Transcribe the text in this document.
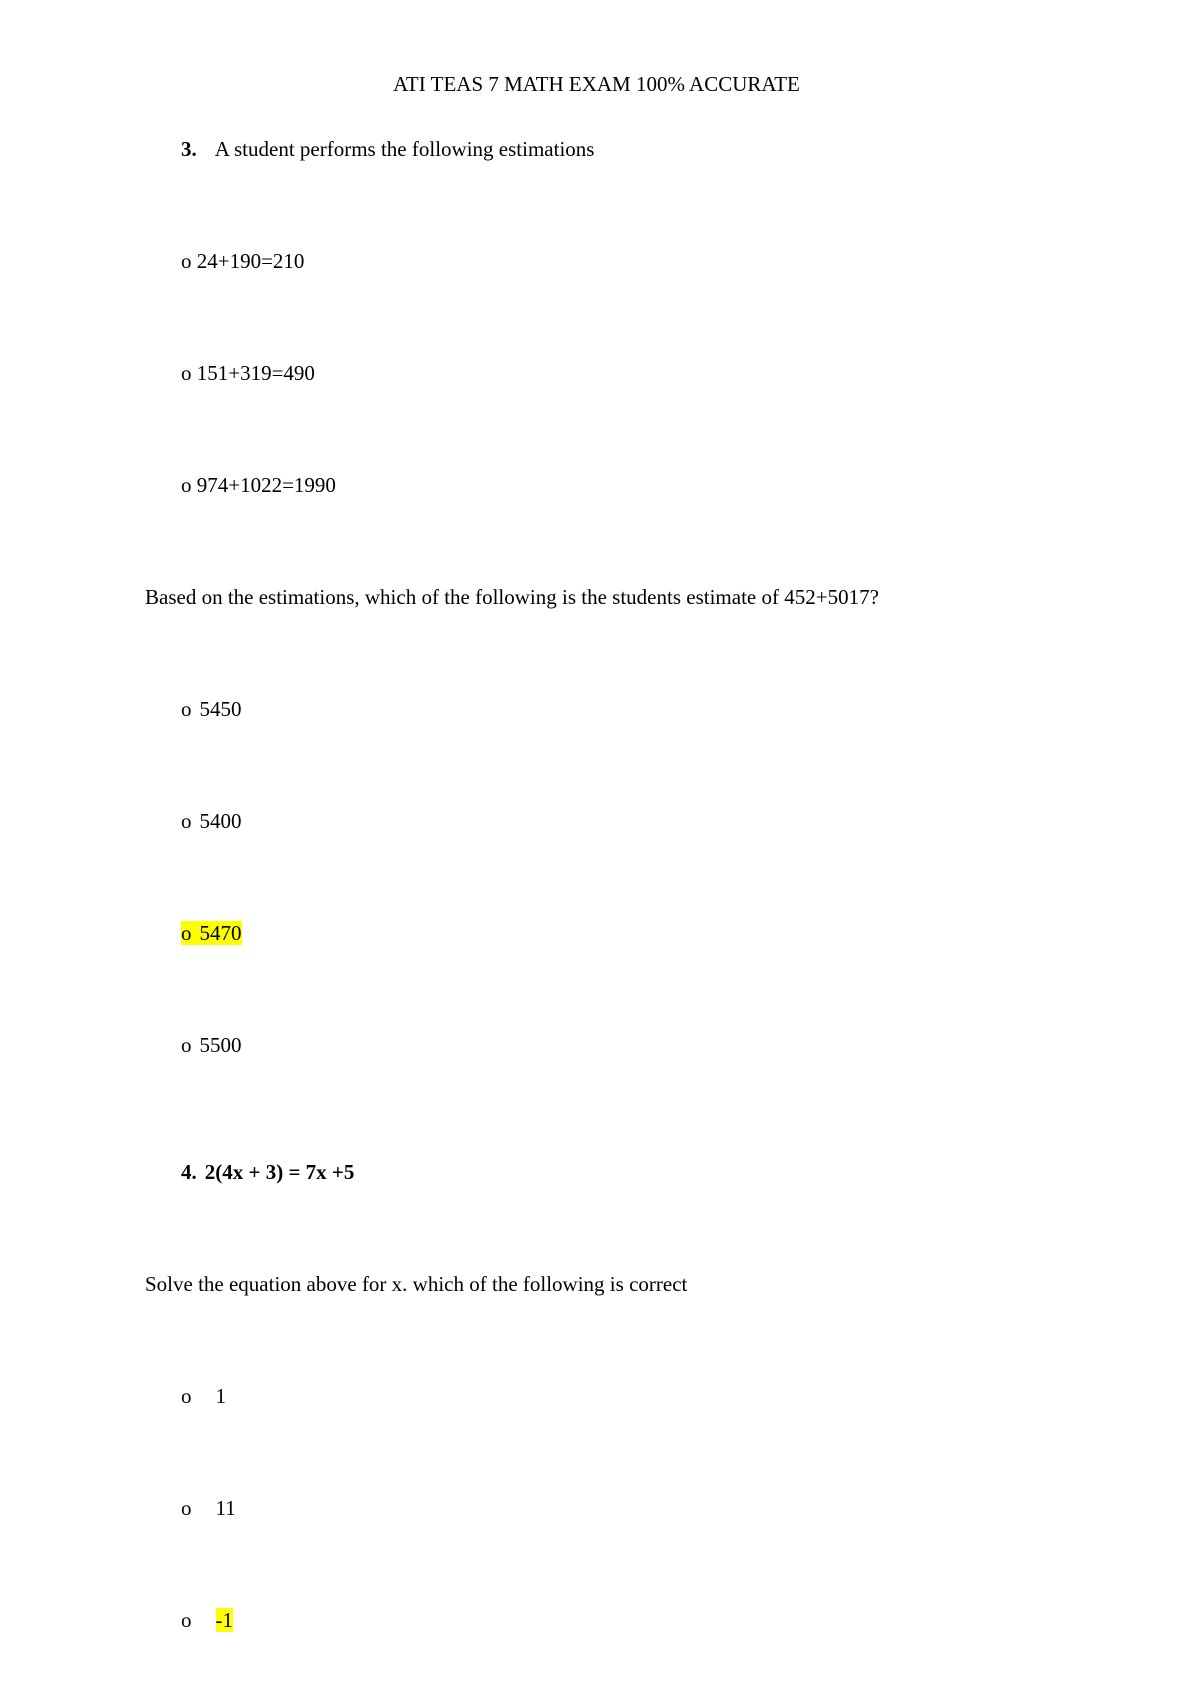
ATI TEAS 7 MATH EXAM 100% ACCURATE
3. A student performs the following estimations
o 24+190=210
o 151+319=490
o 974+1022=1990
Based on the estimations, which of the following is the students estimate of 452+5017?
o 5450
o 5400
o 5470
o 5500
4. 2(4x + 3) = 7x +5
Solve the equation above for x. which of the following is correct
o 1
o 11
o -1
